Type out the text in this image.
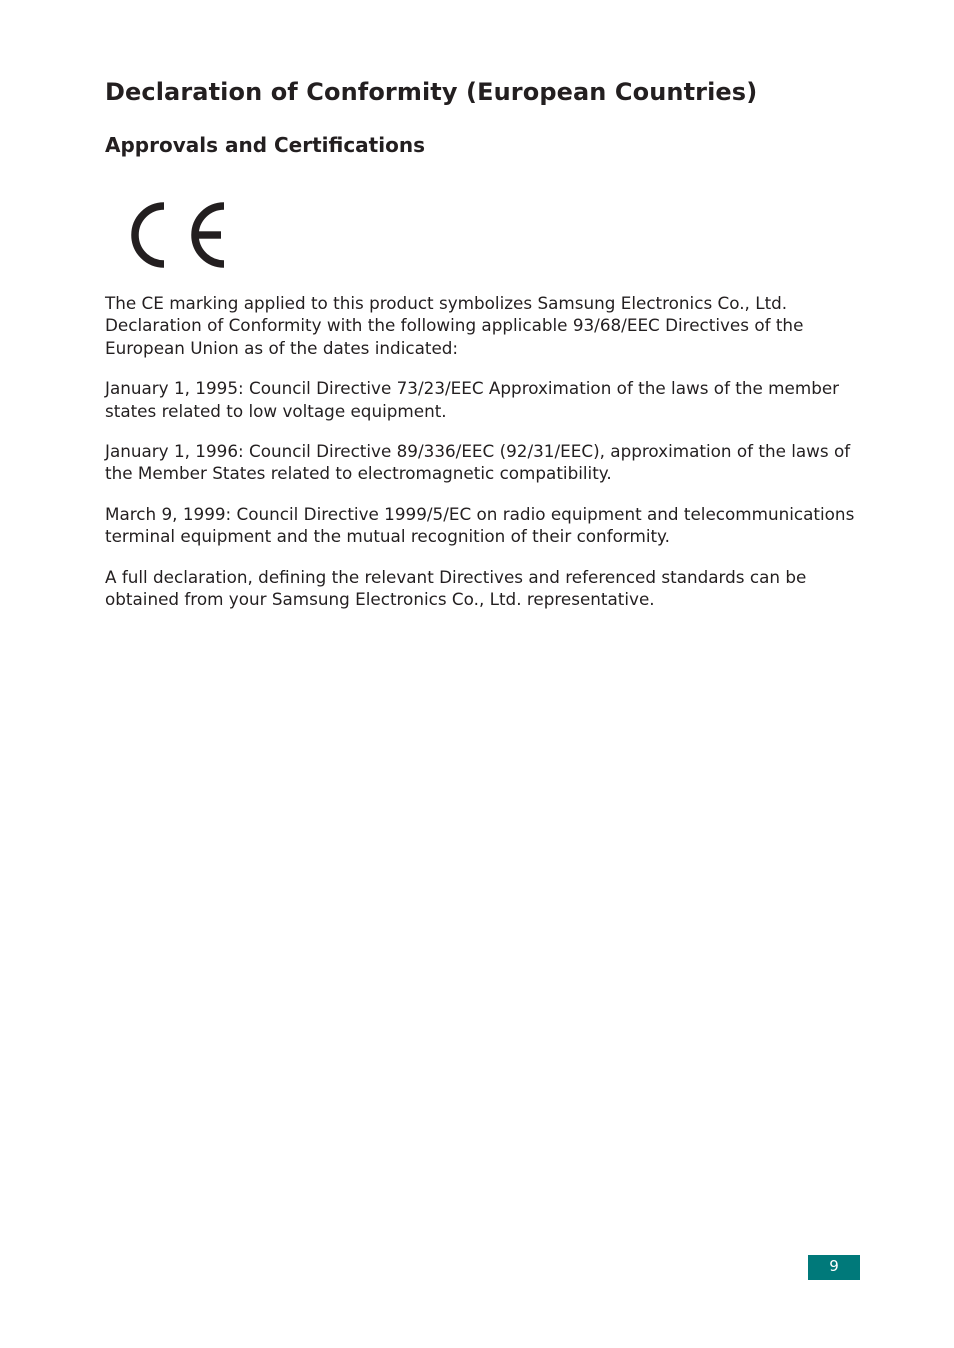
Declaration of Conformity (European Countries)
Approvals and Certifications

The CE marking applied to this product symbolizes Samsung Electronics Co., Ltd. Declaration of Conformity with the following applicable 93/68/EEC Directives of the European Union as of the dates indicated:

January 1, 1995: Council Directive 73/23/EEC Approximation of the laws of the member states related to low voltage equipment.

January 1, 1996: Council Directive 89/336/EEC (92/31/EEC), approximation of the laws of the Member States related to electromagnetic compatibility.

March 9, 1999: Council Directive 1999/5/EC on radio equipment and telecommunications terminal equipment and the mutual recognition of their conformity.

A full declaration, defining the relevant Directives and referenced standards can be obtained from your Samsung Electronics Co., Ltd. representative.

9
